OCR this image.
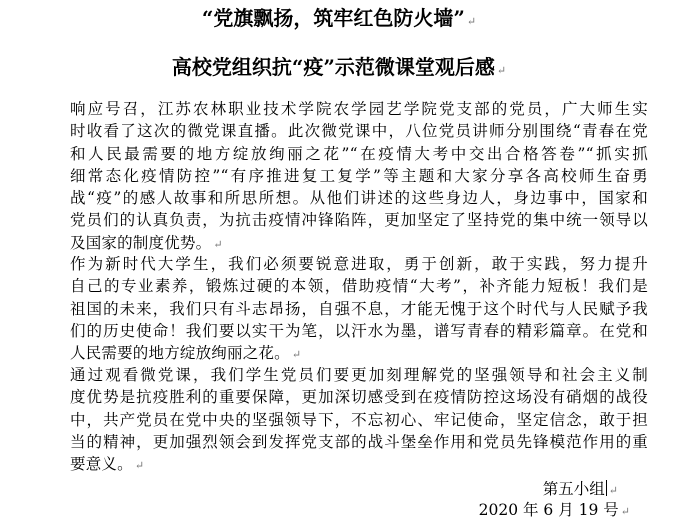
“党旗飘扬，筑牢红色防火墙” ↵
高校党组织抗“疫”示范微课堂观后感 ↵
响应号召，江苏农林职业技术学院农学园艺学院党支部的党员，广大师生实
时收看了这次的微党课直播。此次微党课中，八位党员讲师分别围绕“青春在党
和人民最需要的地方绽放绚丽之花”“在疫情大考中交出合格答卷”“抓实抓
细常态化疫情防控”“有序推进复工复学”等主题和大家分享各高校师生奋勇
战“疫”的感人故事和所思所想。从他们讲述的这些身边人，身边事中，国家和
党员们的认真负责，为抗击疫情冲锋陷阵，更加坚定了坚持党的集中统一领导以
及国家的制度优势。 ↵
作为新时代大学生，我们必须要锐意进取，勇于创新，敢于实践，努力提升
自己的专业素养，锻炼过硬的本领，借助疫情“大考”，补齐能力短板！我们是
祖国的未来，我们只有斗志昂扬，自强不息，才能无愧于这个时代与人民赋予我
们的历史使命！我们要以实干为笔，以汗水为墨，谱写青春的精彩篇章。在党和
人民需要的地方绽放绚丽之花。 ↵
通过观看微党课，我们学生党员们要更加刻理解党的坚强领导和社会主义制
度优势是抗疫胜利的重要保障，更加深切感受到在疫情防控这场没有硝烟的战役
中，共产党员在党中央的坚强领导下，不忘初心、牢记使命，坚定信念，敢于担
当的精神，更加强烈领会到发挥党支部的战斗堡垒作用和党员先锋模范作用的重
要意义。 ↵
第五小组 ↵
2020 年 6 月 19 号 ↵
